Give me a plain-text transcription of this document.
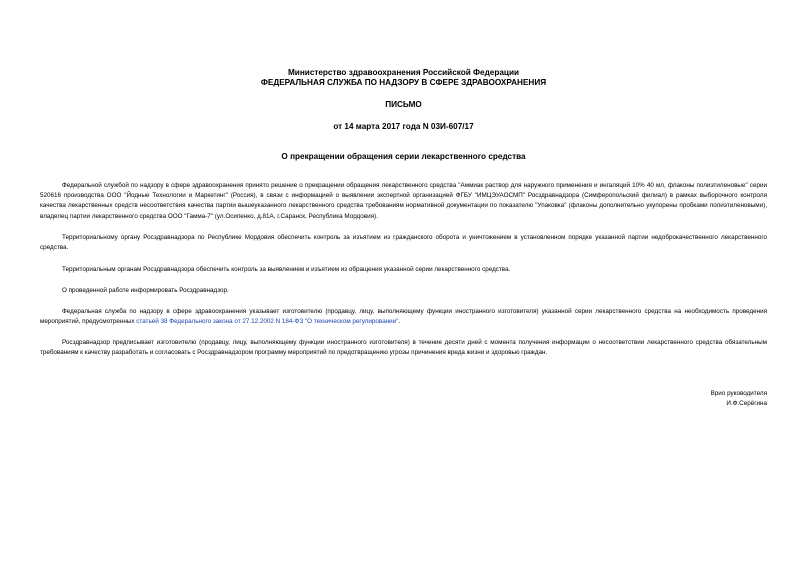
Министерство здравоохранения Российской Федерации
ФЕДЕРАЛЬНАЯ СЛУЖБА ПО НАДЗОРУ В СФЕРЕ ЗДРАВООХРАНЕНИЯ
ПИСЬМО
от 14 марта 2017 года N 03И-607/17
О прекращении обращения серии лекарственного средства

Федеральной службой по надзору в сфере здравоохранения принято решение о прекращении обращения лекарственного средства "Аммиак раствор для наружного применения и ингаляций 10% 40 мл, флаконы полиэтиленовые" серии 520616 производства ООО "Йодные Технологии и Маркетинг" (Россия), в связи с информацией о выявлении экспертной организацией ФГБУ "ИМЦЭУАОСМП" Росздравнадзора (Симферопольский филиал) в рамках выборочного контроля качества лекарственных средств несоответствия качества партии вышеуказанного лекарственного средства требованиям нормативной документации по показателю "Упаковка" (флаконы дополнительно укупорены пробками полиэтиленовыми), владелец партии лекарственного средства ООО "Гамма-7" (ул.Осипенко, д.81А, г.Саранск, Республика Мордовия).

Территориальному органу Росздравнадзора по Республике Мордовия обеспечить контроль за изъятием из гражданского оборота и уничтожением в установленном порядке указанной партии недоброкачественного лекарственного средства.

Территориальным органам Росздравнадзора обеспечить контроль за выявлением и изъятием из обращения указанной серии лекарственного средства.

О проведенной работе информировать Росздравнадзор.

Федеральная служба по надзору в сфере здравоохранения указывает изготовителю (продавцу, лицу, выполняющему функции иностранного изготовителя) указанной серии лекарственного средства на необходимость проведения мероприятий, предусмотренных статьей 38 Федерального закона от 27.12.2002 N 184-ФЗ "О техническом регулировании".

Росздравнадзор предписывает изготовителю (продавцу, лицу, выполняющему функции иностранного изготовителя) в течение десяти дней с момента получения информации о несоответствии лекарственного средства обязательным требованиям к качеству разработать и согласовать с Росздравнадзором программу мероприятий по предотвращению угрозы причинения вреда жизни и здоровью граждан.

Врио руководителя
И.Ф.Серёгина
